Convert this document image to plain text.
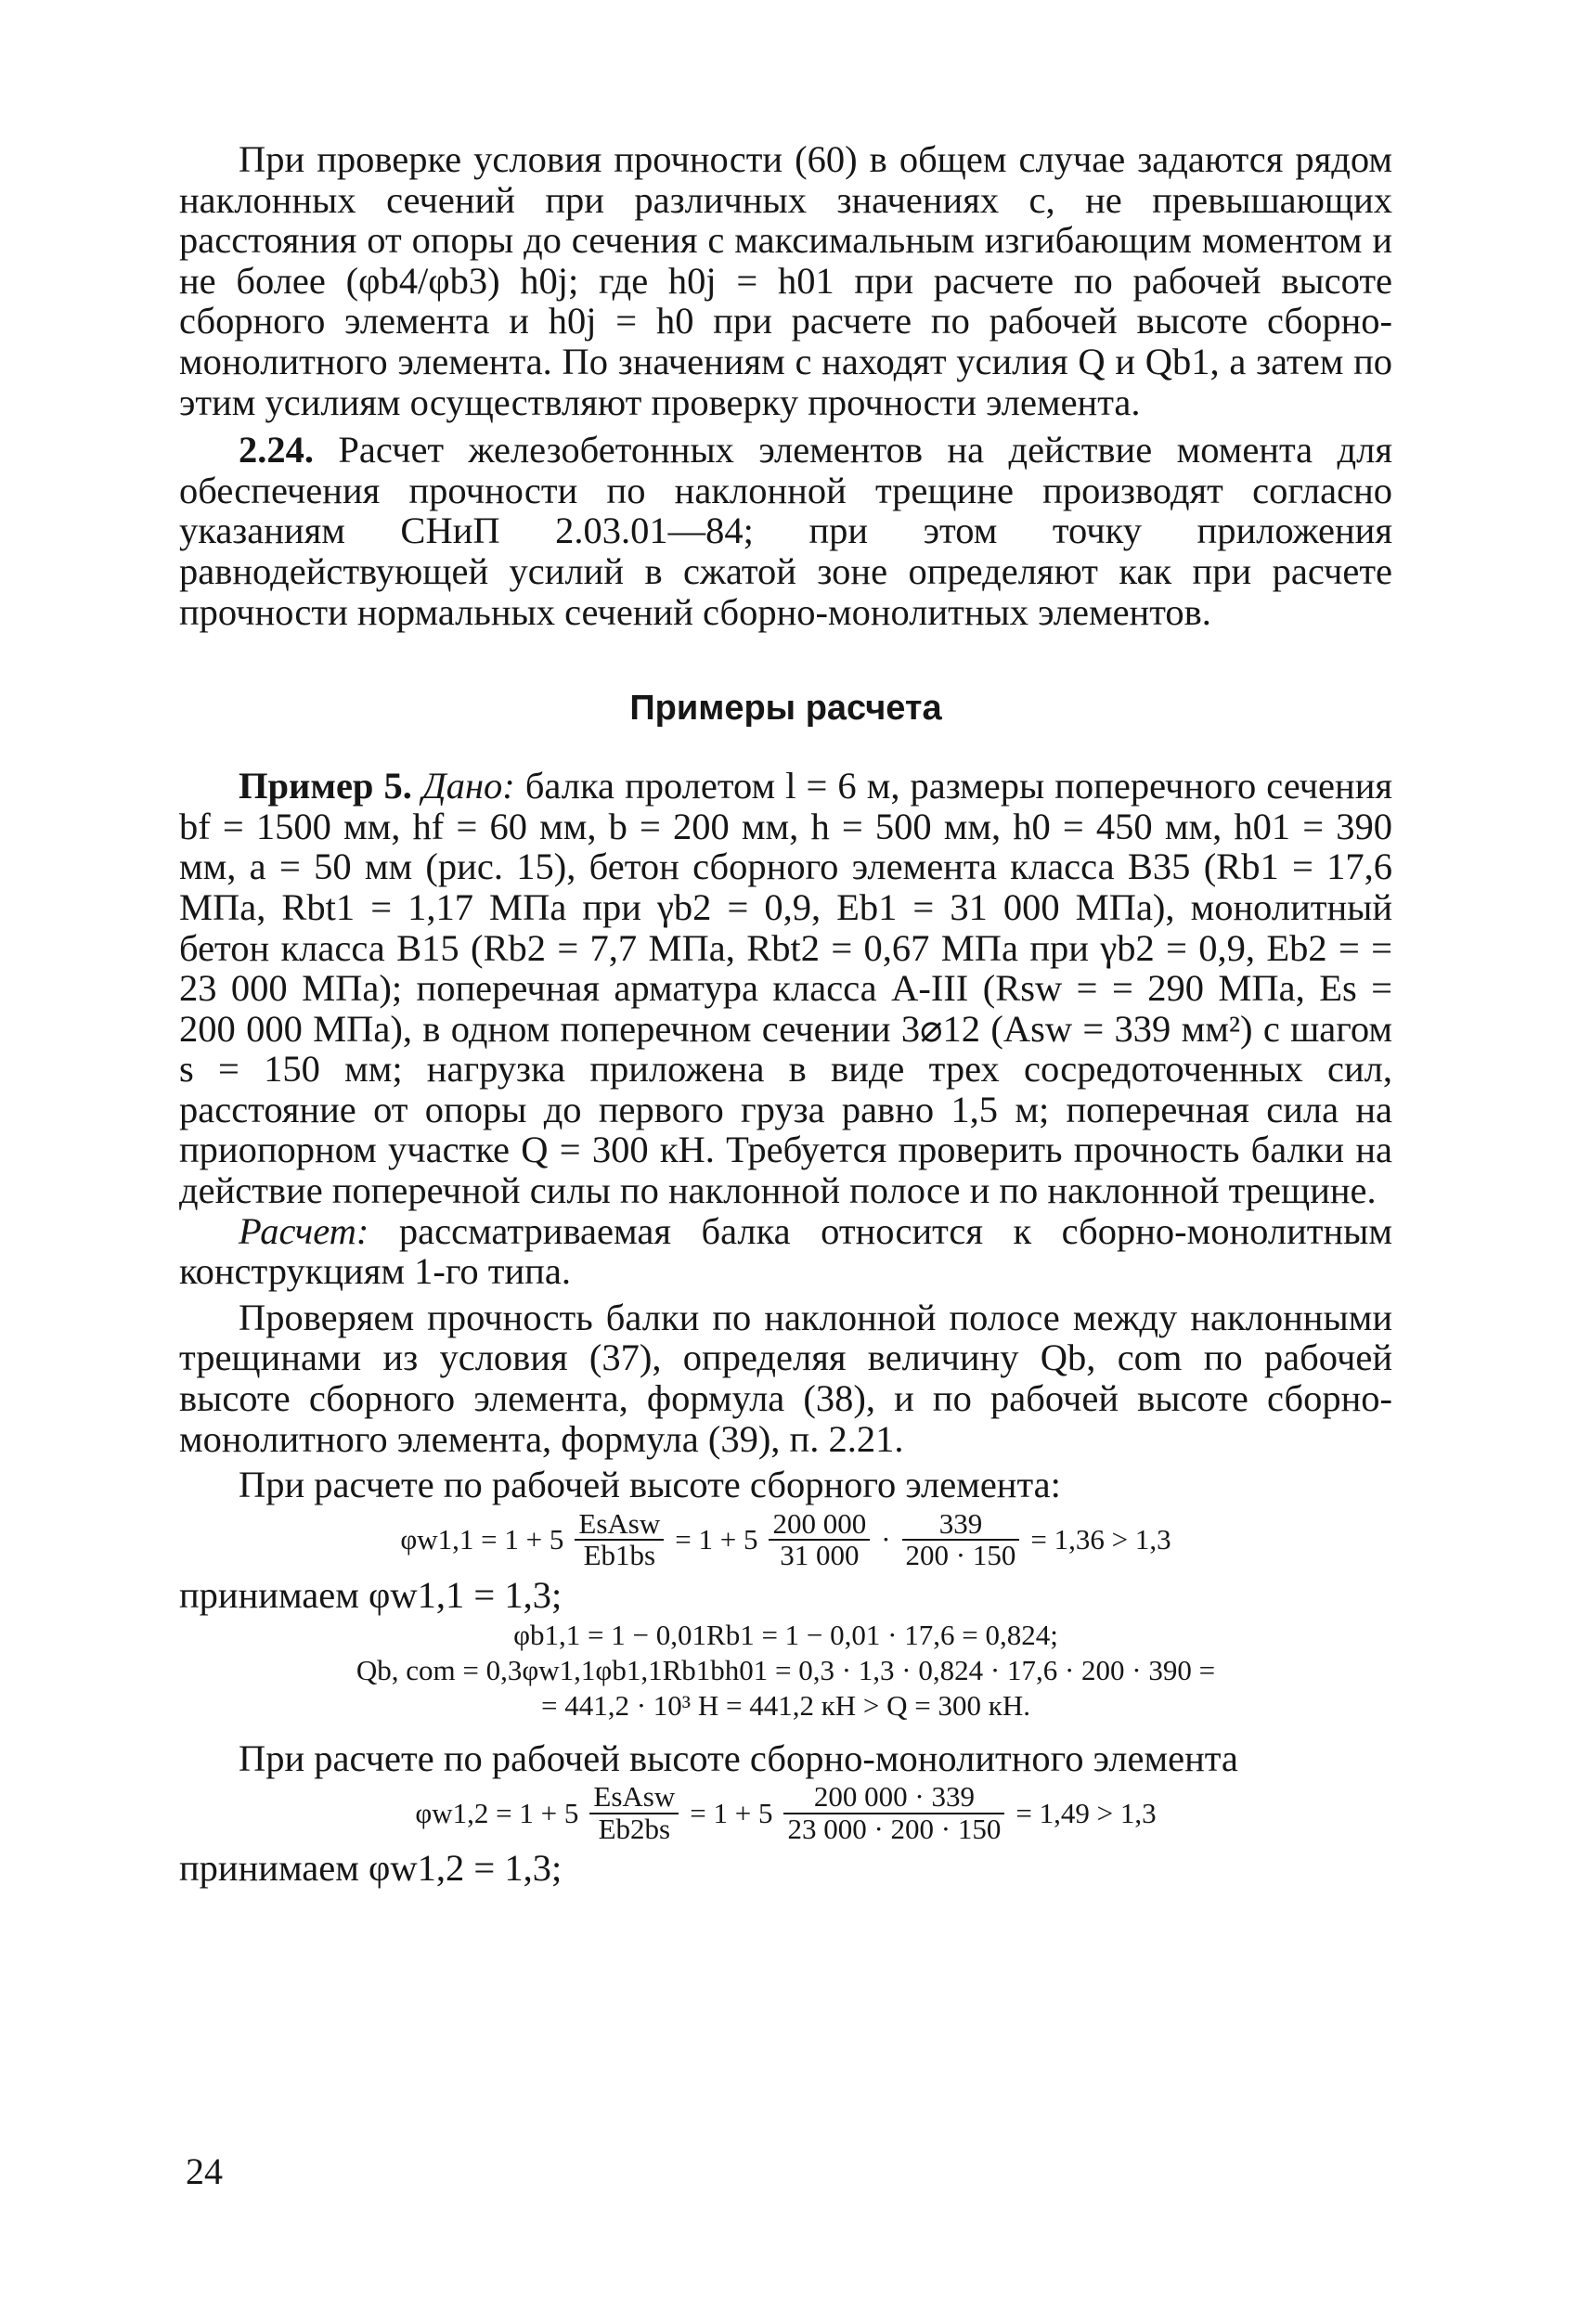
При проверке условия прочности (60) в общем случае задаются рядом наклонных сечений при различных значениях c, не превышающих расстояния от опоры до сечения с максимальным изгибающим моментом и не более (φb4/φb3) h0j; где h0j = h01 при расчете по рабочей высоте сборного элемента и h0j = h0 при расчете по рабочей высоте сборно-монолитного элемента. По значениям c находят усилия Q и Qb1, а затем по этим усилиям осуществляют проверку прочности элемента.

2.24. Расчет железобетонных элементов на действие момента для обеспечения прочности по наклонной трещине производят согласно указаниям СНиП 2.03.01—84; при этом точку приложения равнодействующей усилий в сжатой зоне определяют как при расчете прочности нормальных сечений сборно-монолитных элементов.

Примеры расчета

Пример 5. Дано: балка пролетом l = 6 м, размеры поперечного сечения bf = 1500 мм, hf = 60 мм, b = 200 мм, h = 500 мм, h0 = 450 мм, h01 = 390 мм, a = 50 мм (рис. 15), бетон сборного элемента класса B35 (Rb1 = 17,6 МПа, Rbt1 = 1,17 МПа при γb2 = 0,9, Eb1 = 31 000 МПа), монолитный бетон класса B15 (Rb2 = 7,7 МПа, Rbt2 = 0,67 МПа при γb2 = 0,9, Eb2 = = 23 000 МПа); поперечная арматура класса A-III (Rsw = = 290 МПа, Es = 200 000 МПа), в одном поперечном сечении 3⌀12 (Asw = 339 мм²) с шагом s = 150 мм; нагрузка приложена в виде трех сосредоточенных сил, расстояние от опоры до первого груза равно 1,5 м; поперечная сила на приопорном участке Q = 300 кН. Требуется проверить прочность балки на действие поперечной силы по наклонной полосе и по наклонной трещине.

Расчет: рассматриваемая балка относится к сборно-монолитным конструкциям 1-го типа.

Проверяем прочность балки по наклонной полосе между наклонными трещинами из условия (37), определяя величину Qb, com по рабочей высоте сборного элемента, формула (38), и по рабочей высоте сборно-монолитного элемента, формула (39), п. 2.21.

При расчете по рабочей высоте сборного элемента:

$\varphi w1,1 = 1 + 5 \frac{\text{EsAsw}}{Eb1bs} = 1 + 5 \frac{200 000}{31 000} \cdot \frac{339}{200 \cdot 150} = 1,36 > 1,3$

принимаем φw1,1 = 1,3;

φb1,1 = 1 − 0,01Rb1 = 1 − 0,01 · 17,6 = 0,824;
Qb, com = 0,3φw1,1φb1,1Rb1bh01 = 0,3 · 1,3 · 0,824 · 17,6 · 200 · 390 =
= 441,2 · 10³ Н = 441,2 кН > Q = 300 кН.

При расчете по рабочей высоте сборно-монолитного элемента

$\varphi w1,2 = 1 + 5 \frac{\text{EsAsw}}{Eb2bs} = 1 + 5 \frac{200 000 \cdot 339}{23 000 \cdot 200 \cdot 150} = 1,49 > 1,3$

принимаем φw1,2 = 1,3;

24
